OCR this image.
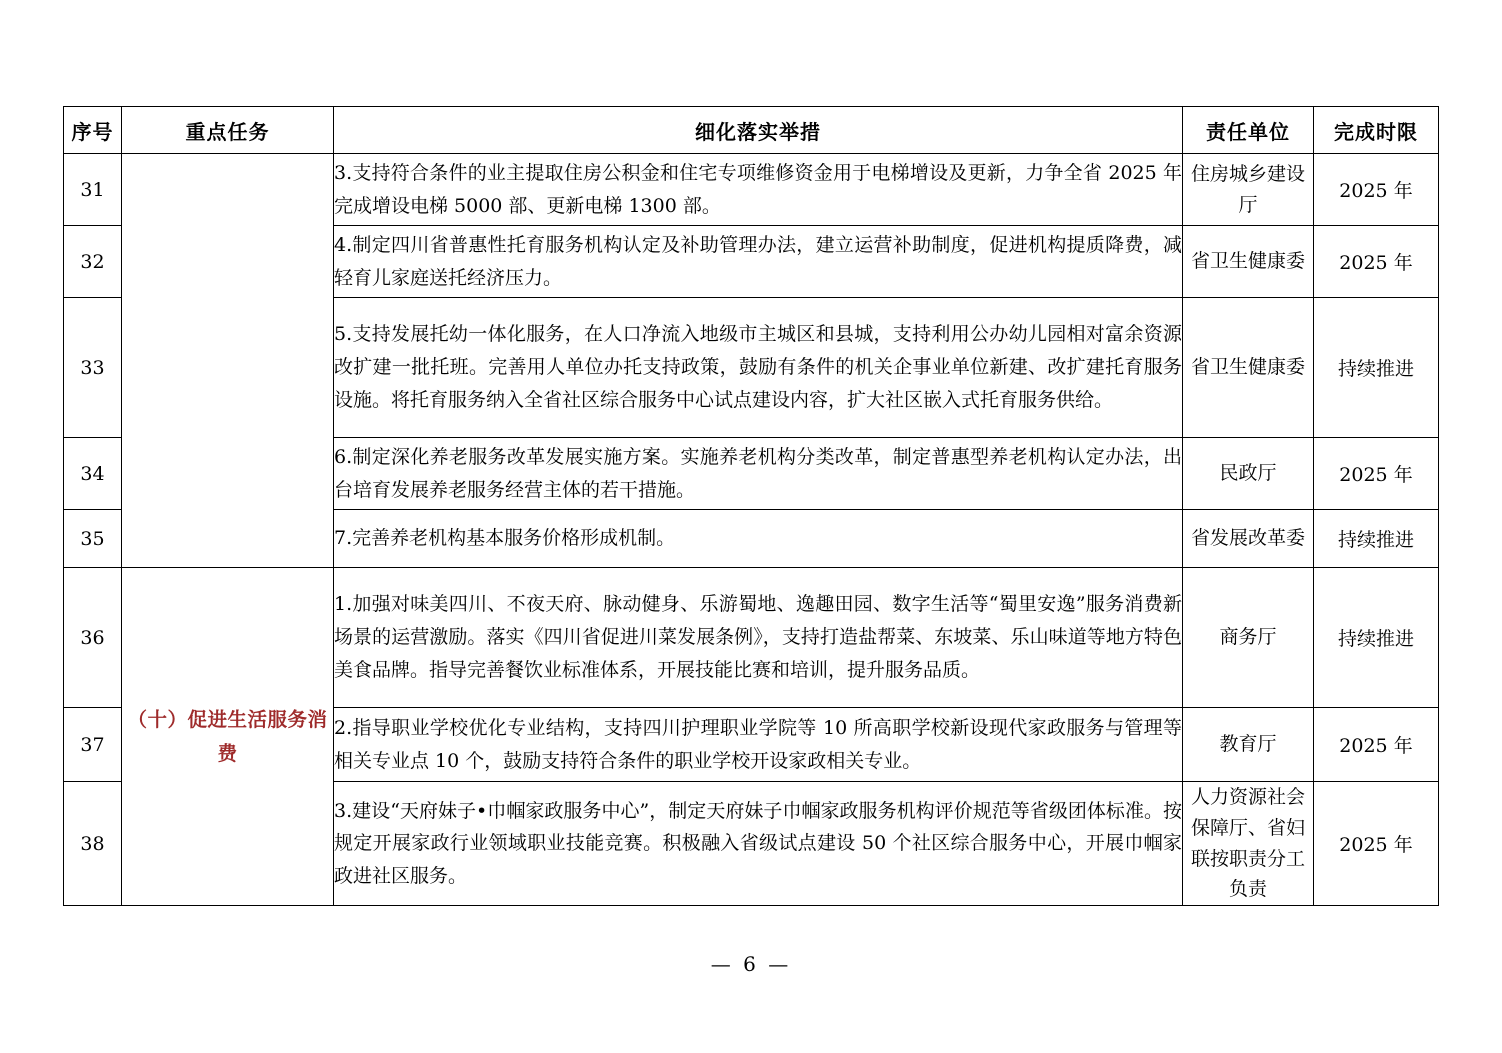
序号	重点任务	细化落实举措	责任单位	完成时限
31		3.支持符合条件的业主提取住房公积金和住宅专项维修资金用于电梯增设及更新，力争全省 2025 年完成增设电梯 5000 部、更新电梯 1300 部。	住房城乡建设厅	2025 年
32		4.制定四川省普惠性托育服务机构认定及补助管理办法，建立运营补助制度，促进机构提质降费，减轻育儿家庭送托经济压力。	省卫生健康委	2025 年
33		5.支持发展托幼一体化服务，在人口净流入地级市主城区和县城，支持利用公办幼儿园相对富余资源改扩建一批托班。完善用人单位办托支持政策，鼓励有条件的机关企事业单位新建、改扩建托育服务设施。将托育服务纳入全省社区综合服务中心试点建设内容，扩大社区嵌入式托育服务供给。	省卫生健康委	持续推进
34		6.制定深化养老服务改革发展实施方案。实施养老机构分类改革，制定普惠型养老机构认定办法，出台培育发展养老服务经营主体的若干措施。	民政厅	2025 年
35		7.完善养老机构基本服务价格形成机制。	省发展改革委	持续推进
36	（十）促进生活服务消费	1.加强对味美四川、不夜天府、脉动健身、乐游蜀地、逸趣田园、数字生活等“蜀里安逸”服务消费新场景的运营激励。落实《四川省促进川菜发展条例》，支持打造盐帮菜、东坡菜、乐山味道等地方特色美食品牌。指导完善餐饮业标准体系，开展技能比赛和培训，提升服务品质。	商务厅	持续推进
37		2.指导职业学校优化专业结构，支持四川护理职业学院等 10 所高职学校新设现代家政服务与管理等相关专业点 10 个，鼓励支持符合条件的职业学校开设家政相关专业。	教育厅	2025 年
38		3.建设“天府妹子•巾帼家政服务中心”，制定天府妹子巾帼家政服务机构评价规范等省级团体标准。按规定开展家政行业领域职业技能竞赛。积极融入省级试点建设 50 个社区综合服务中心，开展巾帼家政进社区服务。	人力资源社会保障厅、省妇联按职责分工负责	2025 年
— 6 —
